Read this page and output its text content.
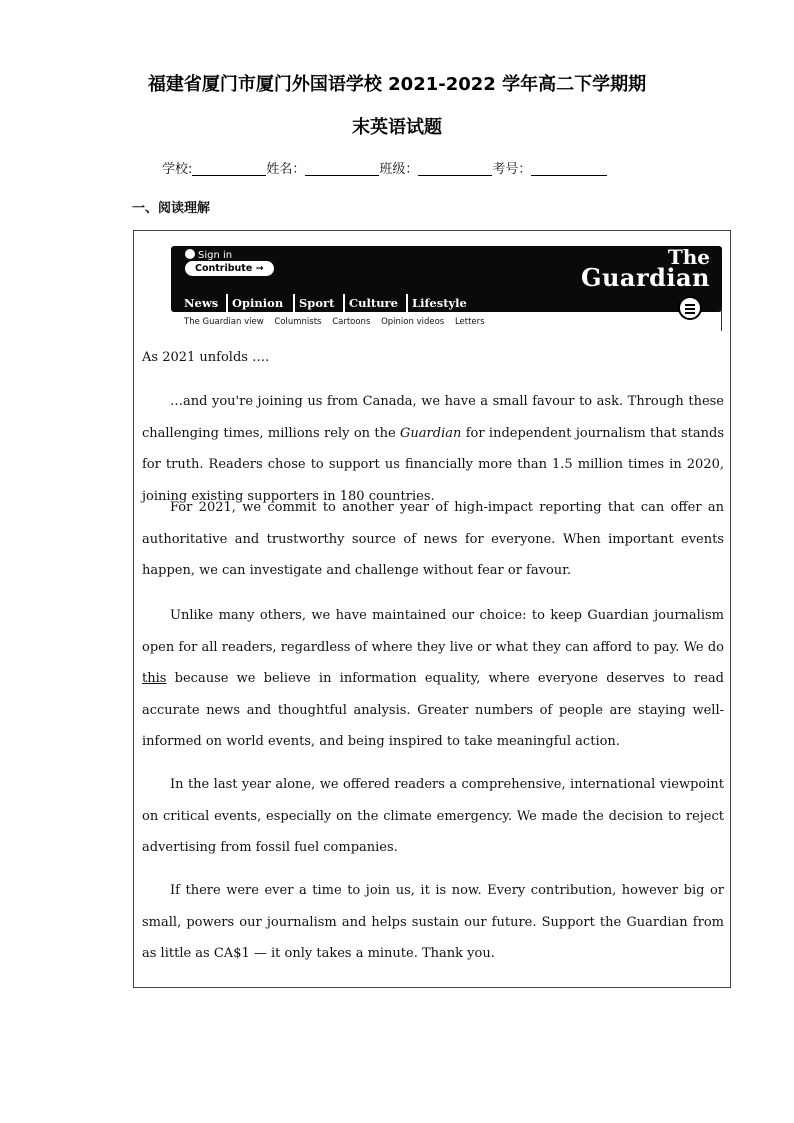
福建省厦门市厦门外国语学校 2021-2022 学年高二下学期期
末英语试题
学校:	姓名：	班级：	考号：
一、阅读理解
Sign in
Contribute →	The
Guardian
News Opinion Sport Culture Lifestyle
The Guardian view Columnists Cartoons Opinion videos Letters
As 2021 unfolds ….
…and you're joining us from Canada, we have a small favour to ask. Through these challenging times, millions rely on the Guardian for independent journalism that stands for truth. Readers chose to support us financially more than 1.5 million times in 2020, joining existing supporters in 180 countries.
For 2021, we commit to another year of high-impact reporting that can offer an authoritative and trustworthy source of news for everyone. When important events happen, we can investigate and challenge without fear or favour.
Unlike many others, we have maintained our choice: to keep Guardian journalism open for all readers, regardless of where they live or what they can afford to pay. We do this because we believe in information equality, where everyone deserves to read accurate news and thoughtful analysis. Greater numbers of people are staying well-informed on world events, and being inspired to take meaningful action.
In the last year alone, we offered readers a comprehensive, international viewpoint on critical events, especially on the climate emergency. We made the decision to reject advertising from fossil fuel companies.
If there were ever a time to join us, it is now. Every contribution, however big or small, powers our journalism and helps sustain our future. Support the Guardian from as little as CA$1 — it only takes a minute. Thank you.
